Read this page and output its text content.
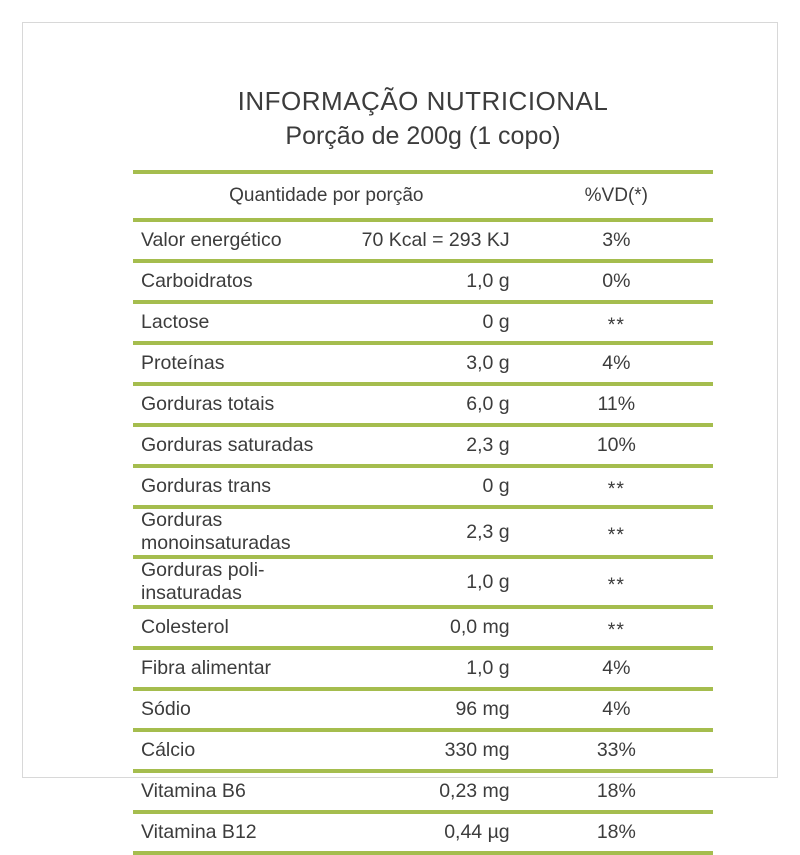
INFORMAÇÃO NUTRICIONAL
Porção de 200g (1 copo)

Quantidade por porção		%VD(*)

Valor energético	70 Kcal = 293 KJ	3%

Carboidratos	1,0 g	0%

Lactose	0 g	**

Proteínas	3,0 g	4%

Gorduras totais	6,0 g	11%

Gorduras saturadas	2,3 g	10%

Gorduras trans	0 g	**

Gorduras monoinsaturadas	2,3 g	**

Gorduras poli-insaturadas	1,0 g	**

Colesterol	0,0 mg	**

Fibra alimentar	1,0 g	4%

Sódio	96 mg	4%

Cálcio	330 mg	33%

Vitamina B6	0,23 mg	18%

Vitamina B12	0,44 µg	18%
